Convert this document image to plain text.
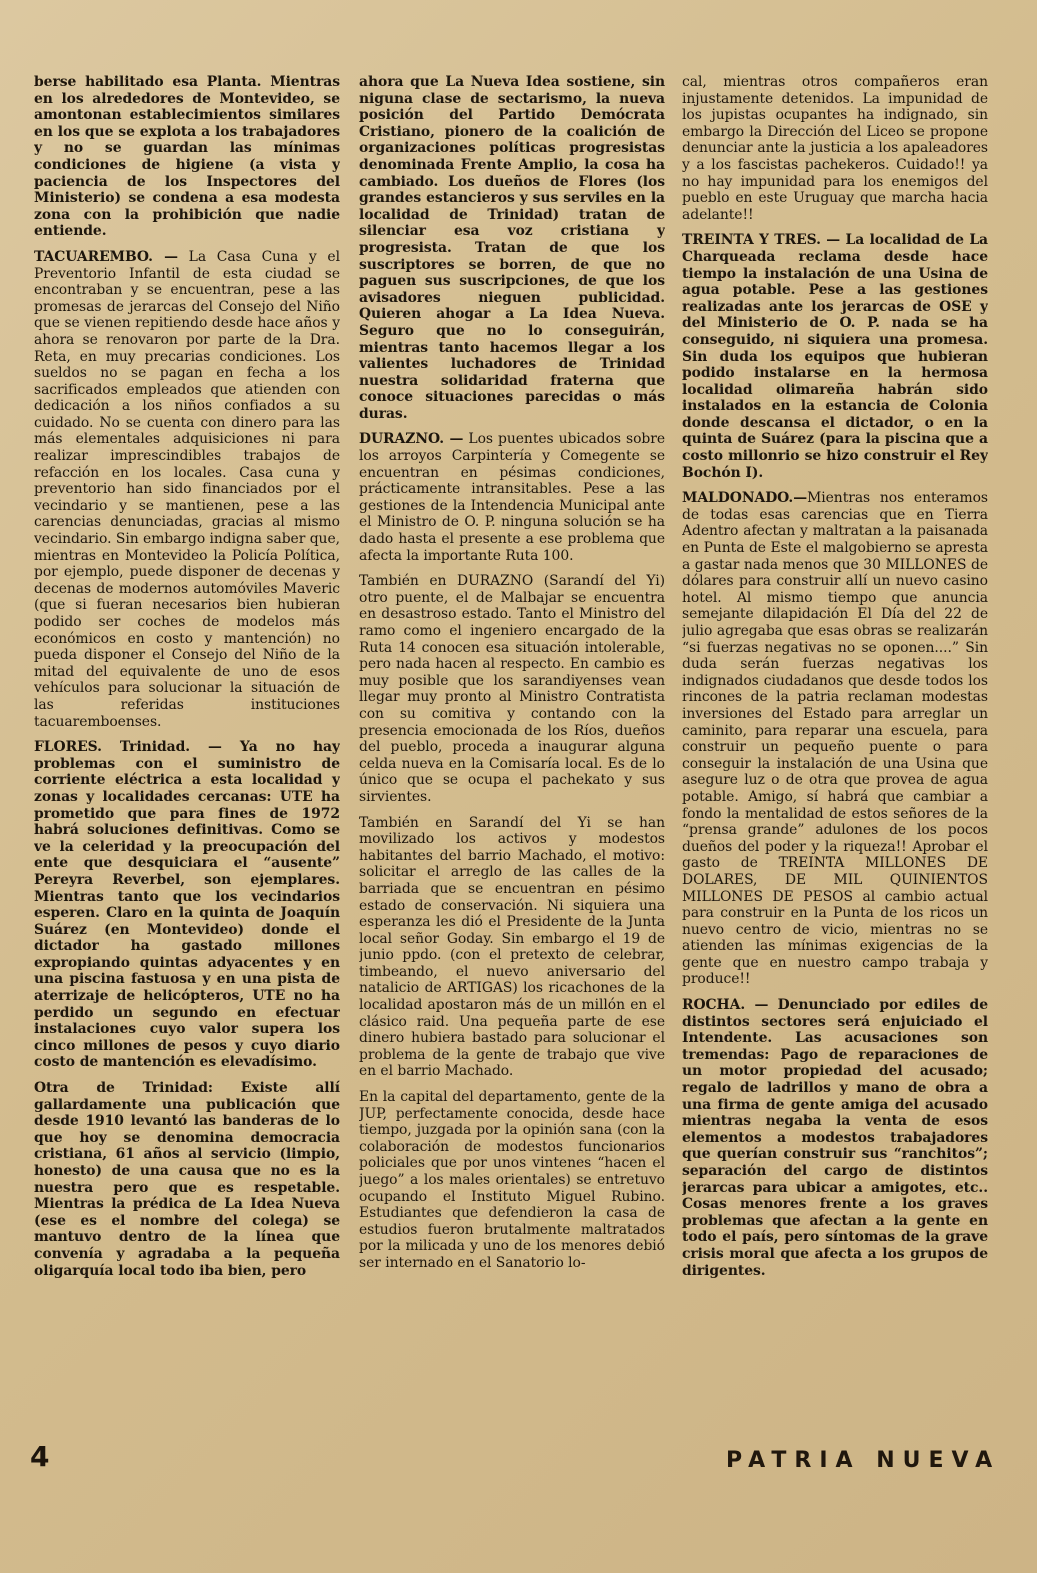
berse habilitado esa Planta. Mientras en los alrededores de Montevideo, se amontonan establecimientos similares en los que se explota a los trabajadores y no se guardan las mínimas condiciones de higiene (a vista y paciencia de los Inspectores del Ministerio) se condena a esa modesta zona con la prohibición que nadie entiende.

TACUAREMBO. — La Casa Cuna y el Preventorio Infantil de esta ciudad se encontraban y se encuentran, pese a las promesas de jerarcas del Consejo del Niño que se vienen repitiendo desde hace años y ahora se renovaron por parte de la Dra. Reta, en muy precarias condiciones. Los sueldos no se pagan en fecha a los sacrificados empleados que atienden con dedicación a los niños confiados a su cuidado. No se cuenta con dinero para las más elementales adquisiciones ni para realizar imprescindibles trabajos de refacción en los locales. Casa cuna y preventorio han sido financiados por el vecindario y se mantienen, pese a las carencias denunciadas, gracias al mismo vecindario. Sin embargo indigna saber que, mientras en Montevideo la Policía Política, por ejemplo, puede disponer de decenas y decenas de modernos automóviles Maveric (que si fueran necesarios bien hubieran podido ser coches de modelos más económicos en costo y mantención) no pueda disponer el Consejo del Niño de la mitad del equivalente de uno de esos vehículos para solucionar la situación de las referidas instituciones tacuaremboenses.

FLORES. Trinidad. — Ya no hay problemas con el suministro de corriente eléctrica a esta localidad y zonas y localidades cercanas: UTE ha prometido que para fines de 1972 habrá soluciones definitivas. Como se ve la celeridad y la preocupación del ente que desquiciara el “ausente” Pereyra Reverbel, son ejemplares. Mientras tanto que los vecindarios esperen. Claro en la quinta de Joaquín Suárez (en Montevideo) donde el dictador ha gastado millones expropiando quintas adyacentes y en una piscina fastuosa y en una pista de aterrizaje de helicópteros, UTE no ha perdido un segundo en efectuar instalaciones cuyo valor supera los cinco millones de pesos y cuyo diario costo de mantención es elevadísimo.

Otra de Trinidad: Existe allí gallardamente una publicación que desde 1910 levantó las banderas de lo que hoy se denomina democracia cristiana, 61 años al servicio (limpio, honesto) de una causa que no es la nuestra pero que es respetable. Mientras la prédica de La Idea Nueva (ese es el nombre del colega) se mantuvo dentro de la línea que convenía y agradaba a la pequeña oligarquía local todo iba bien, pero

ahora que La Nueva Idea sostiene, sin niguna clase de sectarismo, la nueva posición del Partido Demócrata Cristiano, pionero de la coalición de organizaciones políticas progresistas denominada Frente Amplio, la cosa ha cambiado. Los dueños de Flores (los grandes estancieros y sus serviles en la localidad de Trinidad) tratan de silenciar esa voz cristiana y progresista. Tratan de que los suscriptores se borren, de que no paguen sus suscripciones, de que los avisadores nieguen publicidad. Quieren ahogar a La Idea Nueva. Seguro que no lo conseguirán, mientras tanto hacemos llegar a los valientes luchadores de Trinidad nuestra solidaridad fraterna que conoce situaciones parecidas o más duras.

DURAZNO. — Los puentes ubicados sobre los arroyos Carpintería y Comegente se encuentran en pésimas condiciones, prácticamente intransitables. Pese a las gestiones de la Intendencia Municipal ante el Ministro de O. P. ninguna solución se ha dado hasta el presente a ese problema que afecta la importante Ruta 100.

También en DURAZNO (Sarandí del Yi) otro puente, el de Malbajar se encuentra en desastroso estado. Tanto el Ministro del ramo como el ingeniero encargado de la Ruta 14 conocen esa situación intolerable, pero nada hacen al respecto. En cambio es muy posible que los sarandiyenses vean llegar muy pronto al Ministro Contratista con su comitiva y contando con la presencia emocionada de los Ríos, dueños del pueblo, proceda a inaugurar alguna celda nueva en la Comisaría local. Es de lo único que se ocupa el pachekato y sus sirvientes.

También en Sarandí del Yi se han movilizado los activos y modestos habitantes del barrio Machado, el motivo: solicitar el arreglo de las calles de la barriada que se encuentran en pésimo estado de conservación. Ni siquiera una esperanza les dió el Presidente de la Junta local señor Goday. Sin embargo el 19 de junio ppdo. (con el pretexto de celebrar, timbeando, el nuevo aniversario del natalicio de ARTIGAS) los ricachones de la localidad apostaron más de un millón en el clásico raid. Una pequeña parte de ese dinero hubiera bastado para solucionar el problema de la gente de trabajo que vive en el barrio Machado.

En la capital del departamento, gente de la JUP, perfectamente conocida, desde hace tiempo, juzgada por la opinión sana (con la colaboración de modestos funcionarios policiales que por unos vintenes “hacen el juego” a los males orientales) se entretuvo ocupando el Instituto Miguel Rubino. Estudiantes que defendieron la casa de estudios fueron brutalmente maltratados por la milicada y uno de los menores debió ser internado en el Sanatorio lo-

cal, mientras otros compañeros eran injustamente detenidos. La impunidad de los jupistas ocupantes ha indignado, sin embargo la Dirección del Liceo se propone denunciar ante la justicia a los apaleadores y a los fascistas pachekeros. Cuidado!! ya no hay impunidad para los enemigos del pueblo en este Uruguay que marcha hacia adelante!!

TREINTA Y TRES. — La localidad de La Charqueada reclama desde hace tiempo la instalación de una Usina de agua potable. Pese a las gestiones realizadas ante los jerarcas de OSE y del Ministerio de O. P. nada se ha conseguido, ni siquiera una promesa. Sin duda los equipos que hubieran podido instalarse en la hermosa localidad olimareña habrán sido instalados en la estancia de Colonia donde descansa el dictador, o en la quinta de Suárez (para la piscina que a costo millonrio se hizo construir el Rey Bochón I).

MALDONADO.—Mientras nos enteramos de todas esas carencias que en Tierra Adentro afectan y maltratan a la paisanada en Punta de Este el malgobierno se apresta a gastar nada menos que 30 MILLONES de dólares para construir allí un nuevo casino hotel. Al mismo tiempo que anuncia semejante dilapidación El Día del 22 de julio agregaba que esas obras se realizarán “si fuerzas negativas no se oponen....” Sin duda serán fuerzas negativas los indignados ciudadanos que desde todos los rincones de la patria reclaman modestas inversiones del Estado para arreglar un caminito, para reparar una escuela, para construir un pequeño puente o para conseguir la instalación de una Usina que asegure luz o de otra que provea de agua potable. Amigo, sí habrá que cambiar a fondo la mentalidad de estos señores de la “prensa grande” adulones de los pocos dueños del poder y la riqueza!! Aprobar el gasto de TREINTA MILLONES DE DOLARES, DE MIL QUINIENTOS MILLONES DE PESOS al cambio actual para construir en la Punta de los ricos un nuevo centro de vicio, mientras no se atienden las mínimas exigencias de la gente que en nuestro campo trabaja y produce!!

ROCHA. — Denunciado por ediles de distintos sectores será enjuiciado el Intendente. Las acusaciones son tremendas: Pago de reparaciones de un motor propiedad del acusado; regalo de ladrillos y mano de obra a una firma de gente amiga del acusado mientras negaba la venta de esos elementos a modestos trabajadores que querían construir sus “ranchitos”; separación del cargo de distintos jerarcas para ubicar a amigotes, etc.. Cosas menores frente a los graves problemas que afectan a la gente en todo el país, pero síntomas de la grave crisis moral que afecta a los grupos de dirigentes.

4	PATRIA NUEVA
